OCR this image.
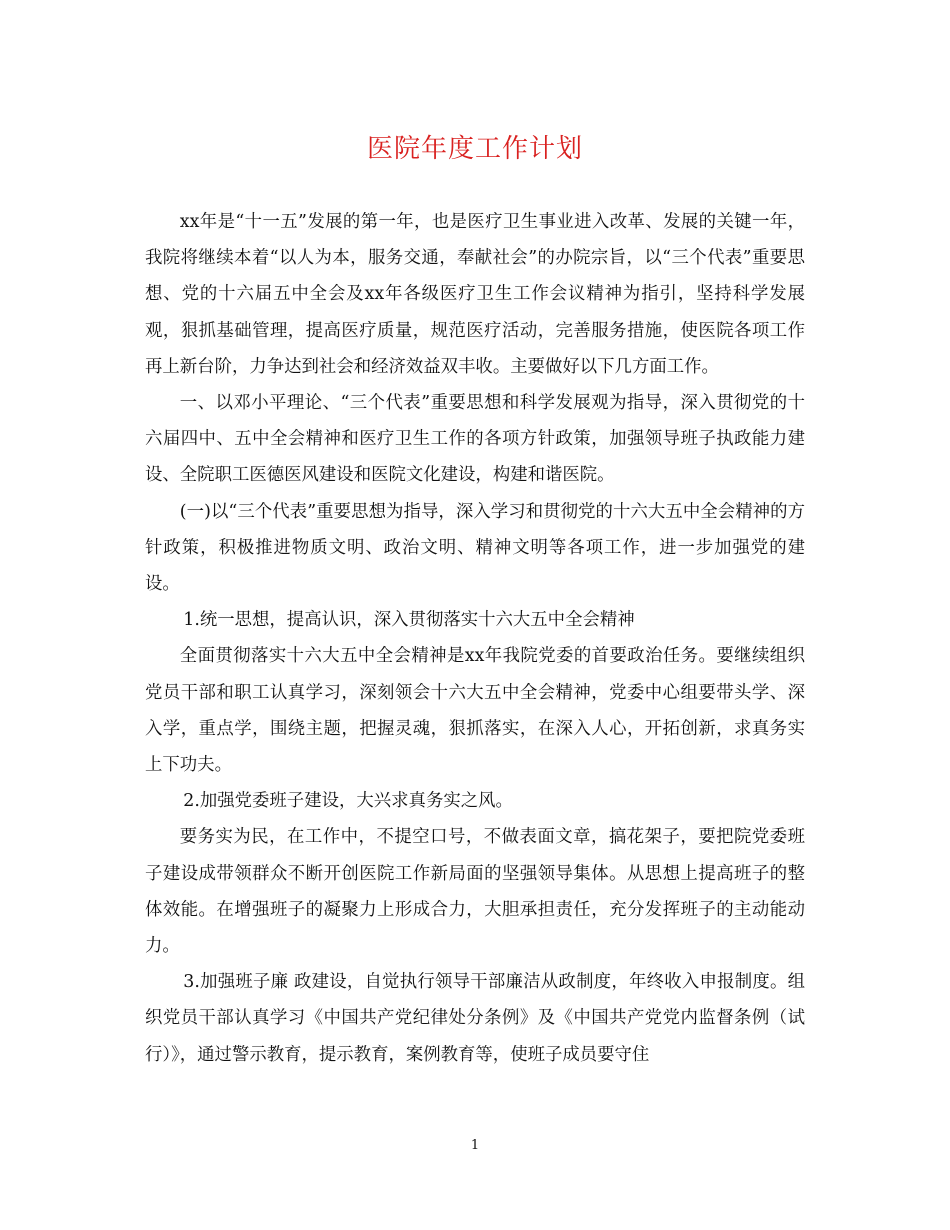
医院年度工作计划

xx年是“十一五”发展的第一年，也是医疗卫生事业进入改革、发展的关键一年，我院将继续本着“以人为本，服务交通，奉献社会”的办院宗旨，以“三个代表”重要思想、党的十六届五中全会及xx年各级医疗卫生工作会议精神为指引，坚持科学发展观，狠抓基础管理，提高医疗质量，规范医疗活动，完善服务措施，使医院各项工作再上新台阶，力争达到社会和经济效益双丰收。主要做好以下几方面工作。

一、以邓小平理论、“三个代表”重要思想和科学发展观为指导，深入贯彻党的十六届四中、五中全会精神和医疗卫生工作的各项方针政策，加强领导班子执政能力建设、全院职工医德医风建设和医院文化建设，构建和谐医院。

(一)以“三个代表”重要思想为指导，深入学习和贯彻党的十六大五中全会精神的方针政策，积极推进物质文明、政治文明、精神文明等各项工作，进一步加强党的建设。

1.统一思想，提高认识，深入贯彻落实十六大五中全会精神

全面贯彻落实十六大五中全会精神是xx年我院党委的首要政治任务。要继续组织党员干部和职工认真学习，深刻领会十六大五中全会精神，党委中心组要带头学、深入学，重点学，围绕主题，把握灵魂，狠抓落实，在深入人心，开拓创新，求真务实上下功夫。

2.加强党委班子建设，大兴求真务实之风。

要务实为民，在工作中，不提空口号，不做表面文章，搞花架子，要把院党委班子建设成带领群众不断开创医院工作新局面的坚强领导集体。从思想上提高班子的整体效能。在增强班子的凝聚力上形成合力，大胆承担责任，充分发挥班子的主动能动力。

3.加强班子廉 政建设，自觉执行领导干部廉洁从政制度，年终收入申报制度。组织党员干部认真学习《中国共产党纪律处分条例》及《中国共产党党内监督条例（试行）》，通过警示教育，提示教育，案例教育等，使班子成员要守住

1
